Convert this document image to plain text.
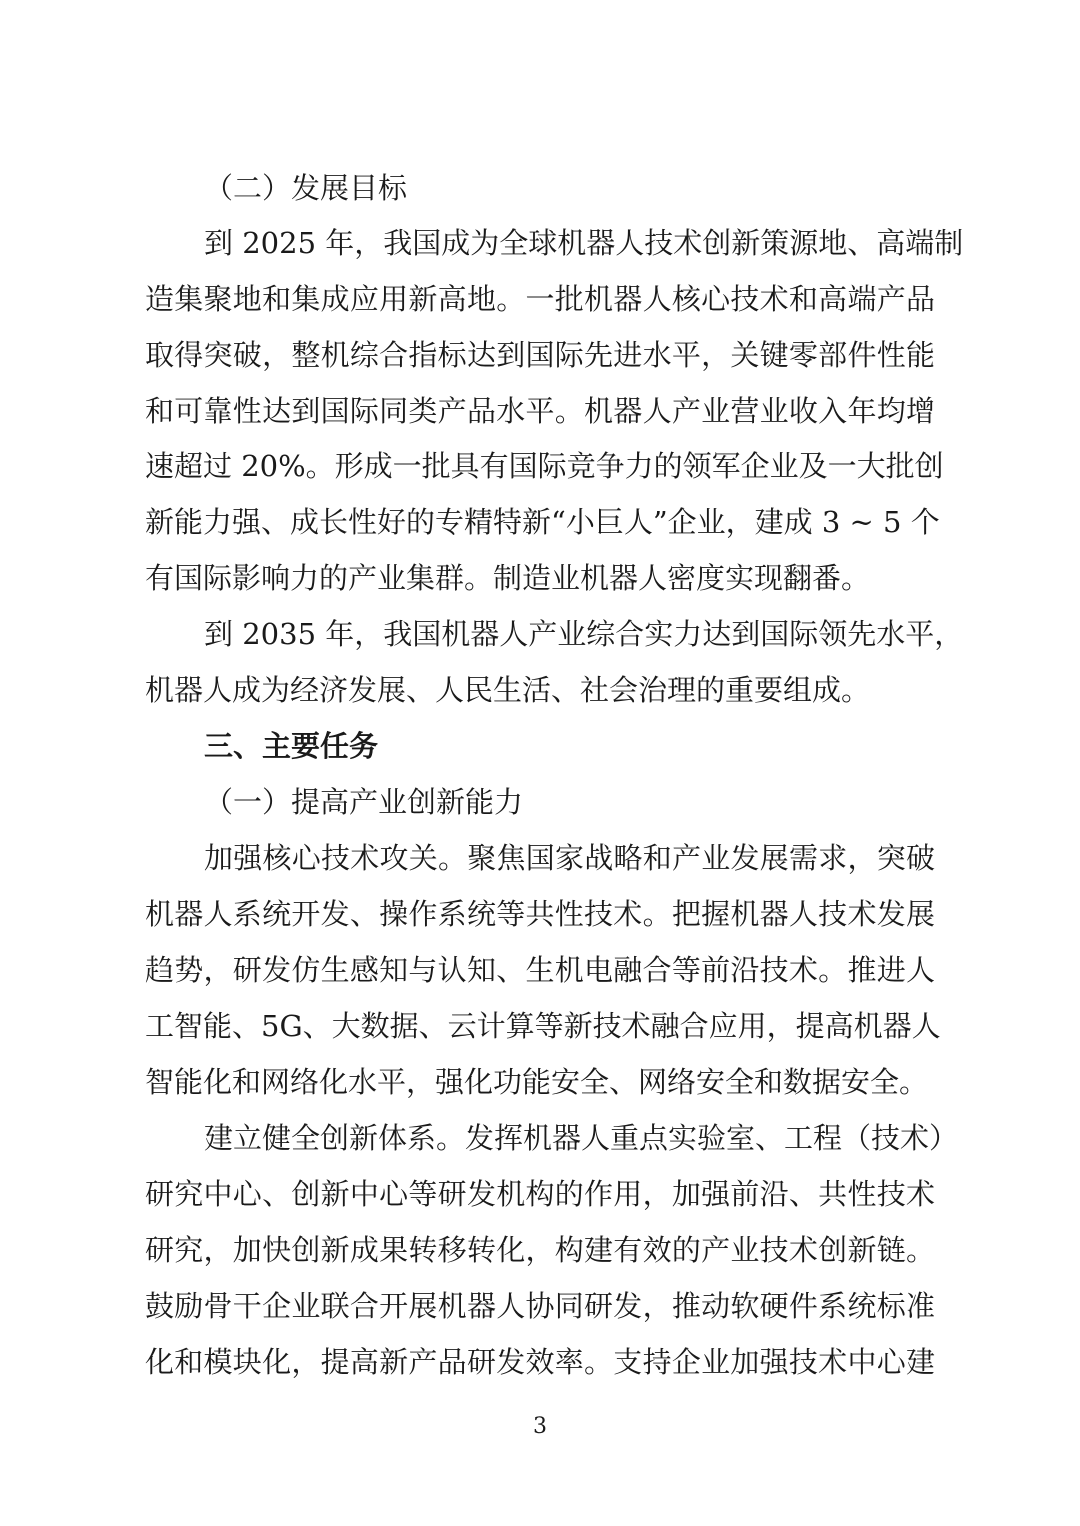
（二）发展目标
到 2025 年，我国成为全球机器人技术创新策源地、高端制
造集聚地和集成应用新高地。一批机器人核心技术和高端产品
取得突破，整机综合指标达到国际先进水平，关键零部件性能
和可靠性达到国际同类产品水平。机器人产业营业收入年均增
速超过 20%。形成一批具有国际竞争力的领军企业及一大批创
新能力强、成长性好的专精特新“小巨人”企业，建成 3 ~ 5 个
有国际影响力的产业集群。制造业机器人密度实现翻番。
到 2035 年，我国机器人产业综合实力达到国际领先水平，
机器人成为经济发展、人民生活、社会治理的重要组成。
三、主要任务
（一）提高产业创新能力
加强核心技术攻关。聚焦国家战略和产业发展需求，突破
机器人系统开发、操作系统等共性技术。把握机器人技术发展
趋势，研发仿生感知与认知、生机电融合等前沿技术。推进人
工智能、5G、大数据、云计算等新技术融合应用，提高机器人
智能化和网络化水平，强化功能安全、网络安全和数据安全。
建立健全创新体系。发挥机器人重点实验室、工程（技术）
研究中心、创新中心等研发机构的作用，加强前沿、共性技术
研究，加快创新成果转移转化，构建有效的产业技术创新链。
鼓励骨干企业联合开展机器人协同研发，推动软硬件系统标准
化和模块化，提高新产品研发效率。支持企业加强技术中心建
3
